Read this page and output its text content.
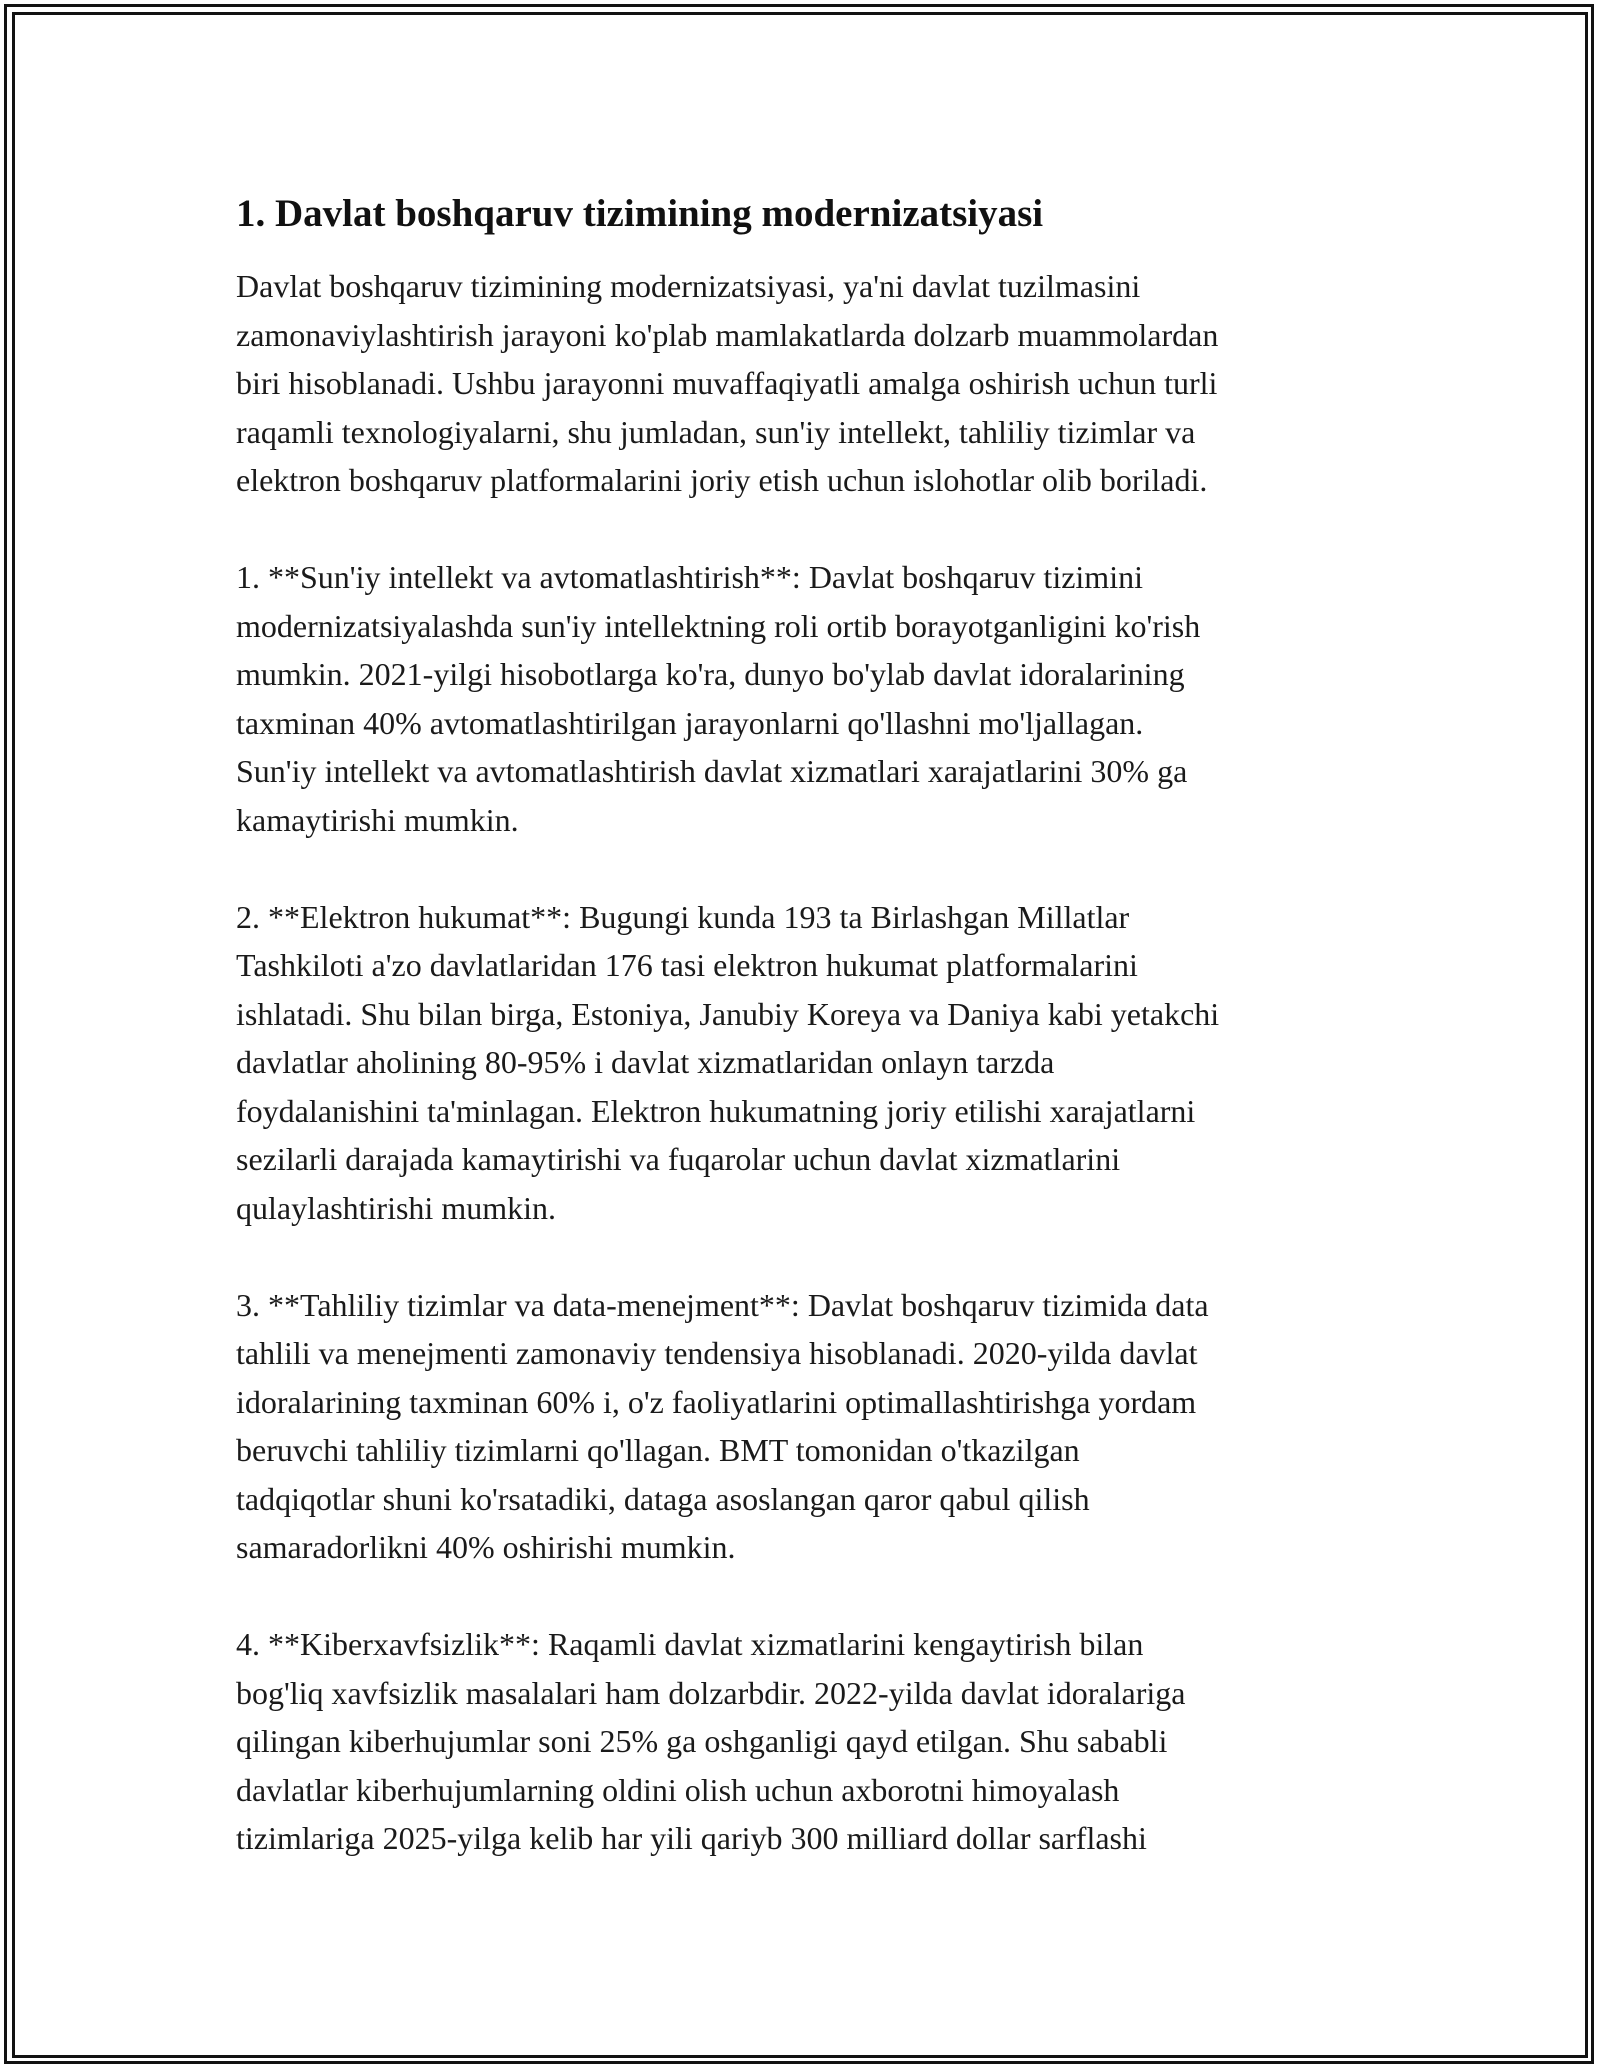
1. Davlat boshqaruv tizimining modernizatsiyasi

Davlat boshqaruv tizimining modernizatsiyasi, ya'ni davlat tuzilmasini
zamonaviylashtirish jarayoni ko'plab mamlakatlarda dolzarb muammolardan
biri hisoblanadi. Ushbu jarayonni muvaffaqiyatli amalga oshirish uchun turli
raqamli texnologiyalarni, shu jumladan, sun'iy intellekt, tahliliy tizimlar va
elektron boshqaruv platformalarini joriy etish uchun islohotlar olib boriladi.

1. **Sun'iy intellekt va avtomatlashtirish**: Davlat boshqaruv tizimini
modernizatsiyalashda sun'iy intellektning roli ortib borayotganligini ko'rish
mumkin. 2021-yilgi hisobotlarga ko'ra, dunyo bo'ylab davlat idoralarining
taxminan 40% avtomatlashtirilgan jarayonlarni qo'llashni mo'ljallagan.
Sun'iy intellekt va avtomatlashtirish davlat xizmatlari xarajatlarini 30% ga
kamaytirishi mumkin.

2. **Elektron hukumat**: Bugungi kunda 193 ta Birlashgan Millatlar
Tashkiloti a'zo davlatlaridan 176 tasi elektron hukumat platformalarini
ishlatadi. Shu bilan birga, Estoniya, Janubiy Koreya va Daniya kabi yetakchi
davlatlar aholining 80-95% i davlat xizmatlaridan onlayn tarzda
foydalanishini ta'minlagan. Elektron hukumatning joriy etilishi xarajatlarni
sezilarli darajada kamaytirishi va fuqarolar uchun davlat xizmatlarini
qulaylashtirishi mumkin.

3. **Tahliliy tizimlar va data-menejment**: Davlat boshqaruv tizimida data
tahlili va menejmenti zamonaviy tendensiya hisoblanadi. 2020-yilda davlat
idoralarining taxminan 60% i, o'z faoliyatlarini optimallashtirishga yordam
beruvchi tahliliy tizimlarni qo'llagan. BMT tomonidan o'tkazilgan
tadqiqotlar shuni ko'rsatadiki, dataga asoslangan qaror qabul qilish
samaradorlikni 40% oshirishi mumkin.

4. **Kiberxavfsizlik**: Raqamli davlat xizmatlarini kengaytirish bilan
bog'liq xavfsizlik masalalari ham dolzarbdir. 2022-yilda davlat idoralariga
qilingan kiberhujumlar soni 25% ga oshganligi qayd etilgan. Shu sababli
davlatlar kiberhujumlarning oldini olish uchun axborotni himoyalash
tizimlariga 2025-yilga kelib har yili qariyb 300 milliard dollar sarflashi
